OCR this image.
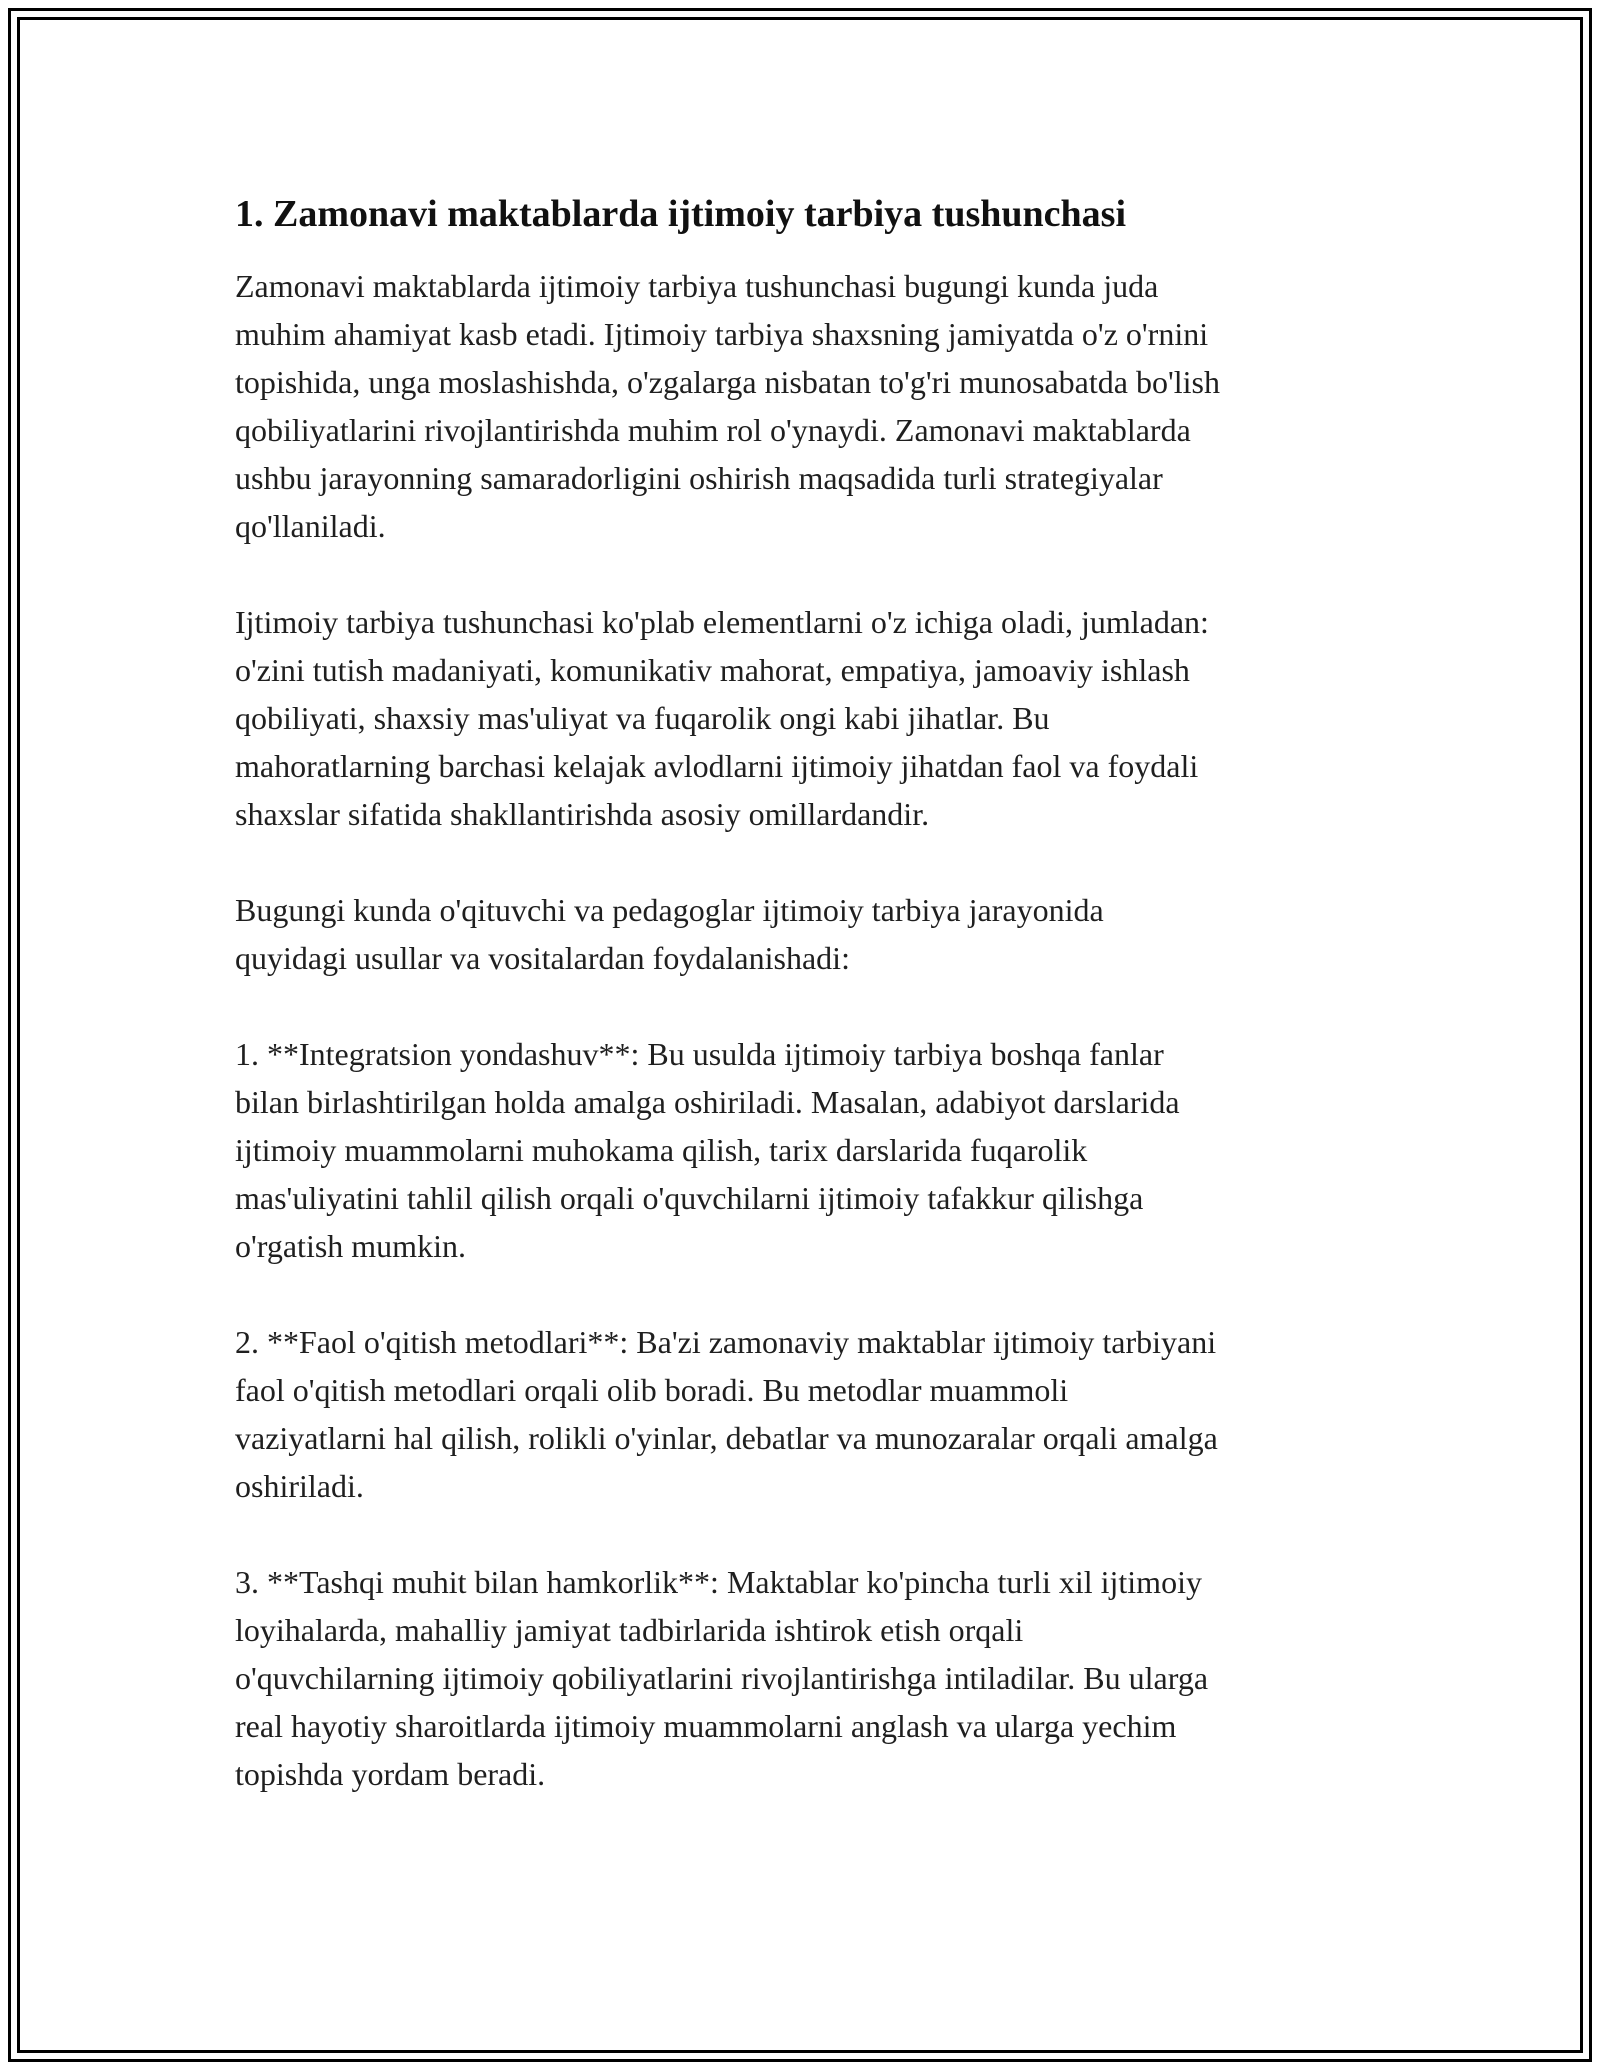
1. Zamonavi maktablarda ijtimoiy tarbiya tushunchasi

Zamonavi maktablarda ijtimoiy tarbiya tushunchasi bugungi kunda juda
muhim ahamiyat kasb etadi. Ijtimoiy tarbiya shaxsning jamiyatda o'z o'rnini
topishida, unga moslashishda, o'zgalarga nisbatan to'g'ri munosabatda bo'lish
qobiliyatlarini rivojlantirishda muhim rol o'ynaydi. Zamonavi maktablarda
ushbu jarayonning samaradorligini oshirish maqsadida turli strategiyalar
qo'llaniladi.

Ijtimoiy tarbiya tushunchasi ko'plab elementlarni o'z ichiga oladi, jumladan:
o'zini tutish madaniyati, komunikativ mahorat, empatiya, jamoaviy ishlash
qobiliyati, shaxsiy mas'uliyat va fuqarolik ongi kabi jihatlar. Bu
mahoratlarning barchasi kelajak avlodlarni ijtimoiy jihatdan faol va foydali
shaxslar sifatida shakllantirishda asosiy omillardandir.

Bugungi kunda o'qituvchi va pedagoglar ijtimoiy tarbiya jarayonida
quyidagi usullar va vositalardan foydalanishadi:

1. **Integratsion yondashuv**: Bu usulda ijtimoiy tarbiya boshqa fanlar
bilan birlashtirilgan holda amalga oshiriladi. Masalan, adabiyot darslarida
ijtimoiy muammolarni muhokama qilish, tarix darslarida fuqarolik
mas'uliyatini tahlil qilish orqali o'quvchilarni ijtimoiy tafakkur qilishga
o'rgatish mumkin.

2. **Faol o'qitish metodlari**: Ba'zi zamonaviy maktablar ijtimoiy tarbiyani
faol o'qitish metodlari orqali olib boradi. Bu metodlar muammoli
vaziyatlarni hal qilish, rolikli o'yinlar, debatlar va munozaralar orqali amalga
oshiriladi.

3. **Tashqi muhit bilan hamkorlik**: Maktablar ko'pincha turli xil ijtimoiy
loyihalarda, mahalliy jamiyat tadbirlarida ishtirok etish orqali
o'quvchilarning ijtimoiy qobiliyatlarini rivojlantirishga intiladilar. Bu ularga
real hayotiy sharoitlarda ijtimoiy muammolarni anglash va ularga yechim
topishda yordam beradi.
